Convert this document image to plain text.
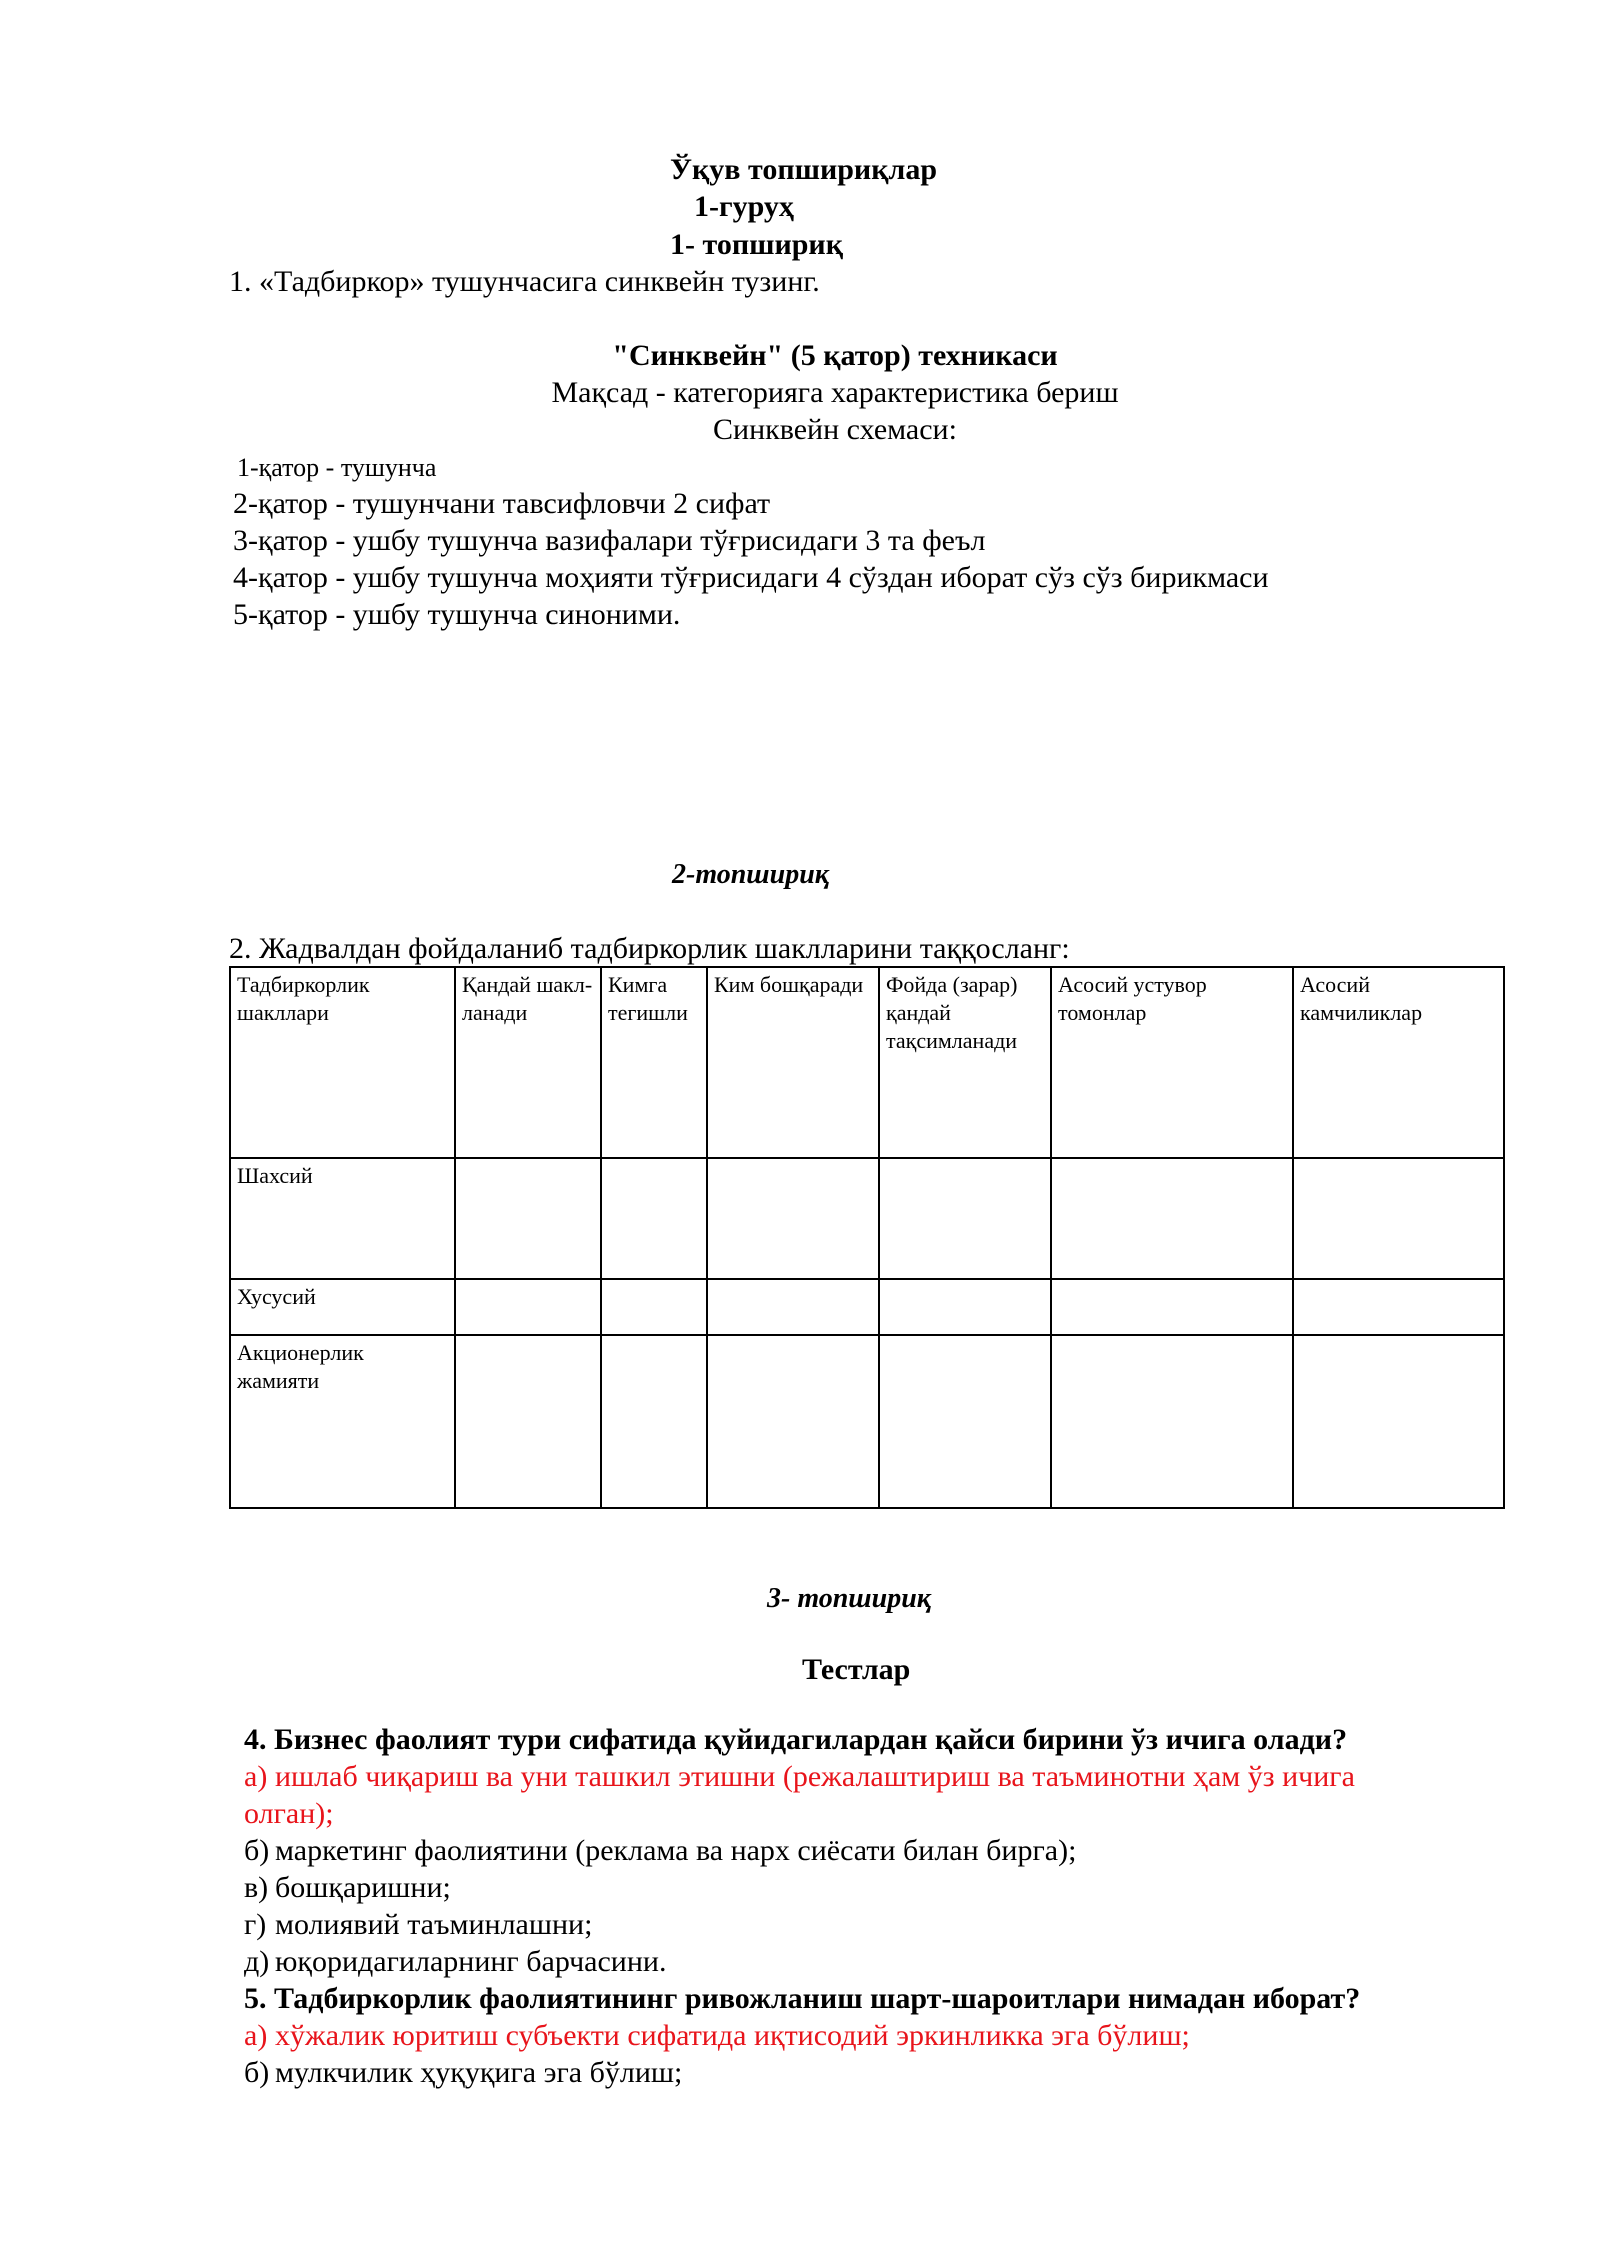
Ўқув топшириқлар
1-гуруҳ
1- топшириқ
1. «Тадбиркор» тушунчасига синквейн тузинг.
"Синквейн" (5 қатор) техникаси
Мақсад - категорияга характеристика бериш
Синквейн схемаси:
1-қатор - тушунча
2-қатор - тушунчани тавсифловчи 2 сифат
3-қатор - ушбу тушунча вазифалари тўғрисидаги 3 та феъл
4-қатор - ушбу тушунча моҳияти тўғрисидаги 4 сўздан иборат сўз сўз бирикмаси
5-қатор - ушбу тушунча синоними.
2-топшириқ
2. Жадвалдан фойдаланиб тадбиркорлик шаклларини таққосланг:
Тадбиркорлик шакллари	Қандай шакл-ланади	Кимга тегишли	Ким бошқаради	Фойда (зарар) қандай тақсимланади	Асосий устувор томонлар	Асосий камчиликлар
Шахсий						
Хусусий						
Акционерлик жамияти						
3- топшириқ
Тестлар
4. Бизнес фаолият тури сифатида қуйидагилардан қайси бирини ўз ичига олади?
а) ишлаб чиқариш ва уни ташкил этишни (режалаштириш ва таъминотни ҳам ўз ичига
олган);
б) маркетинг фаолиятини (реклама ва нарх сиёсати билан бирга);
в) бошқаришни;
г) молиявий таъминлашни;
д) юқоридагиларнинг барчасини.
5. Тадбиркорлик фаолиятининг ривожланиш шарт-шароитлари нимадан иборат?
а) хўжалик юритиш субъекти сифатида иқтисодий эркинликка эга бўлиш;
б) мулкчилик ҳуқуқига эга бўлиш;
